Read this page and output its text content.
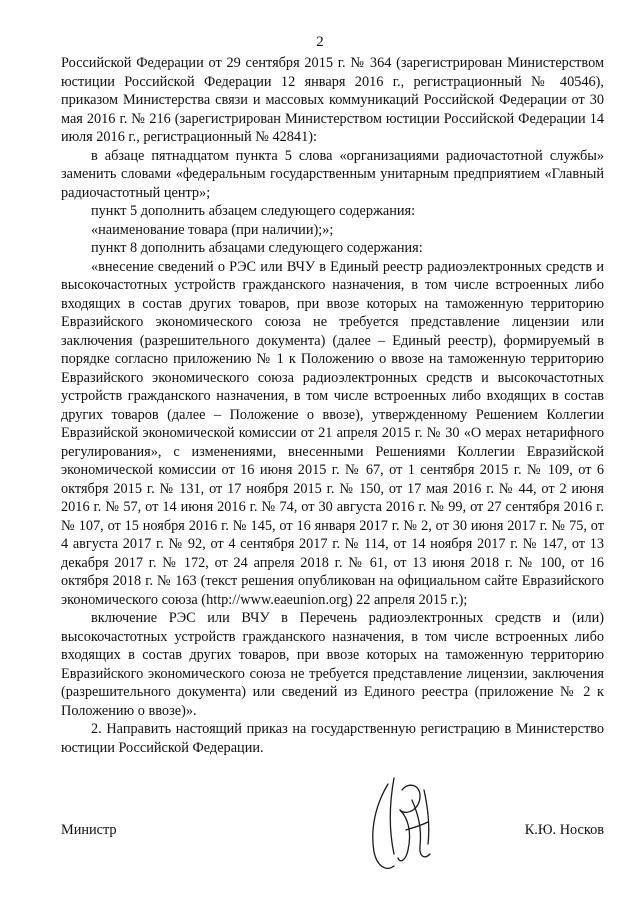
2

Российской Федерации от 29 сентября 2015 г. № 364 (зарегистрирован Министерством юстиции Российской Федерации 12 января 2016 г., регистрационный № 40546), приказом Министерства связи и массовых коммуникаций Российской Федерации от 30 мая 2016 г. № 216 (зарегистрирован Министерством юстиции Российской Федерации 14 июля 2016 г., регистрационный № 42841):

в абзаце пятнадцатом пункта 5 слова «организациями радиочастотной службы» заменить словами «федеральным государственным унитарным предприятием «Главный радиочастотный центр»;

пункт 5 дополнить абзацем следующего содержания:

«наименование товара (при наличии);»;

пункт 8 дополнить абзацами следующего содержания:

«внесение сведений о РЭС или ВЧУ в Единый реестр радиоэлектронных средств и высокочастотных устройств гражданского назначения, в том числе встроенных либо входящих в состав других товаров, при ввозе которых на таможенную территорию Евразийского экономического союза не требуется представление лицензии или заключения (разрешительного документа) (далее – Единый реестр), формируемый в порядке согласно приложению № 1 к Положению о ввозе на таможенную территорию Евразийского экономического союза радиоэлектронных средств и высокочастотных устройств гражданского назначения, в том числе встроенных либо входящих в состав других товаров (далее – Положение о ввозе), утвержденному Решением Коллегии Евразийской экономической комиссии от 21 апреля 2015 г. № 30 «О мерах нетарифного регулирования», с изменениями, внесенными Решениями Коллегии Евразийской экономической комиссии от 16 июня 2015 г. № 67, от 1 сентября 2015 г. № 109, от 6 октября 2015 г. № 131, от 17 ноября 2015 г. № 150, от 17 мая 2016 г. № 44, от 2 июня 2016 г. № 57, от 14 июня 2016 г. № 74, от 30 августа 2016 г. № 99, от 27 сентября 2016 г. № 107, от 15 ноября 2016 г. № 145, от 16 января 2017 г. № 2, от 30 июня 2017 г. № 75, от 4 августа 2017 г. № 92, от 4 сентября 2017 г. № 114, от 14 ноября 2017 г. № 147, от 13 декабря 2017 г. № 172, от 24 апреля 2018 г. № 61, от 13 июня 2018 г. № 100, от 16 октября 2018 г. № 163 (текст решения опубликован на официальном сайте Евразийского экономического союза (http://www.eaeunion.org) 22 апреля 2015 г.);

включение РЭС или ВЧУ в Перечень радиоэлектронных средств и (или) высокочастотных устройств гражданского назначения, в том числе встроенных либо входящих в состав других товаров, при ввозе которых на таможенную территорию Евразийского экономического союза не требуется представление лицензии, заключения (разрешительного документа) или сведений из Единого реестра (приложение № 2 к Положению о ввозе)».

2. Направить настоящий приказ на государственную регистрацию в Министерство юстиции Российской Федерации.

Министр	К.Ю. Носков
